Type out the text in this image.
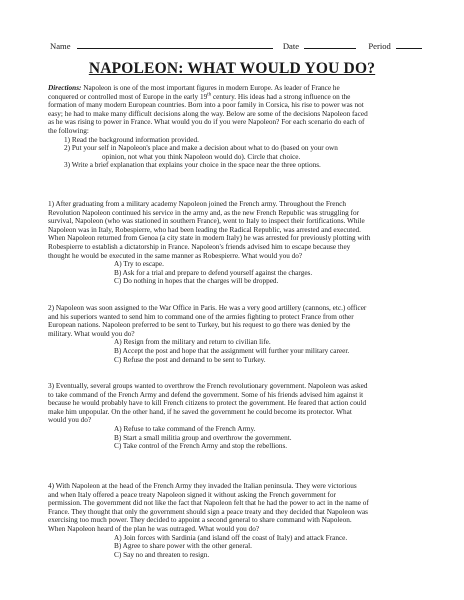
Name	Date	Period
NAPOLEON: WHAT WOULD YOU DO?

Directions: Napoleon is one of the most important figures in modern Europe. As leader of France he

conquered or controlled most of Europe in the early 19th century. His ideas had a strong influence on the

formation of many modern European countries. Born into a poor family in Corsica, his rise to power was not

easy; he had to make many difficult decisions along the way. Below are some of the decisions Napoleon faced

as he was rising to power in France. What would you do if you were Napoleon? For each scenario do each of

the following:

1) Read the background information provided.

2) Put your self in Napoleon's place and make a decision about what to do (based on your own

opinion, not what you think Napoleon would do). Circle that choice.

3) Write a brief explanation that explains your choice in the space near the three options.

1) After graduating from a military academy Napoleon joined the French army. Throughout the French

Revolution Napoleon continued his service in the army and, as the new French Republic was struggling for

survival, Napoleon (who was stationed in southern France), went to Italy to inspect their fortifications. While

Napoleon was in Italy, Robespierre, who had been leading the Radical Republic, was arrested and executed.

When Napoleon returned from Genoa (a city state in modern Italy) he was arrested for previously plotting with

Robespierre to establish a dictatorship in France. Napoleon's friends advised him to escape because they

thought he would be executed in the same manner as Robespierre. What would you do?

A) Try to escape.

B) Ask for a trial and prepare to defend yourself against the charges.

C) Do nothing in hopes that the charges will be dropped.

2) Napoleon was soon assigned to the War Office in Paris. He was a very good artillery (cannons, etc.) officer

and his superiors wanted to send him to command one of the armies fighting to protect France from other

European nations. Napoleon preferred to be sent to Turkey, but his request to go there was denied by the

military. What would you do?

A) Resign from the military and return to civilian life.

B) Accept the post and hope that the assignment will further your military career.

C) Refuse the post and demand to be sent to Turkey.

3) Eventually, several groups wanted to overthrow the French revolutionary government. Napoleon was asked

to take command of the French Army and defend the government. Some of his friends advised him against it

because he would probably have to kill French citizens to protect the government. He feared that action could

make him unpopular. On the other hand, if he saved the government he could become its protector. What

would you do?

A) Refuse to take command of the French Army.

B) Start a small militia group and overthrow the government.

C) Take control of the French Army and stop the rebellions.

4) With Napoleon at the head of the French Army they invaded the Italian peninsula. They were victorious

and when Italy offered a peace treaty Napoleon signed it without asking the French government for

permission. The government did not like the fact that Napoleon felt that he had the power to act in the name of

France. They thought that only the government should sign a peace treaty and they decided that Napoleon was

exercising too much power. They decided to appoint a second general to share command with Napoleon.

When Napoleon heard of the plan he was outraged. What would you do?

A) Join forces with Sardinia (and island off the coast of Italy) and attack France.

B) Agree to share power with the other general.

C) Say no and threaten to resign.
